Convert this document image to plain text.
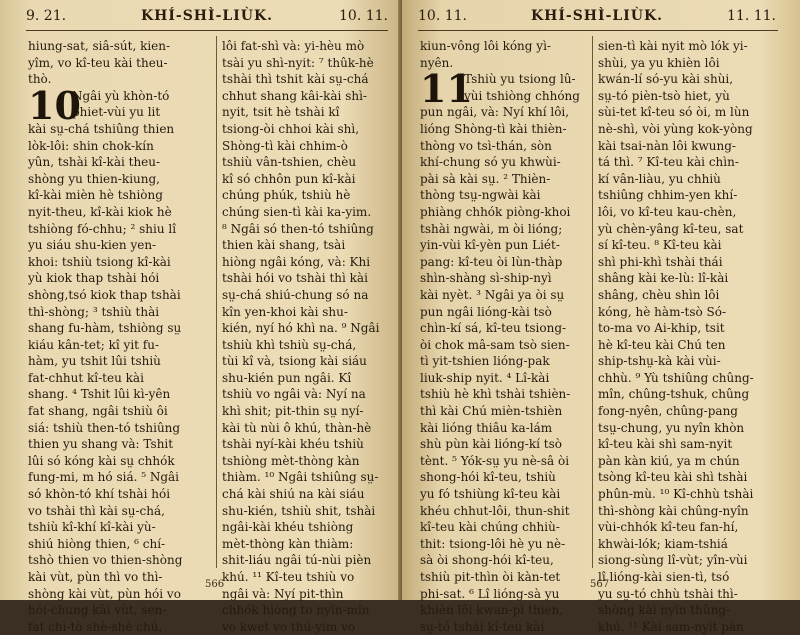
9. 21.	KHÍ-SHÌ-LIÙK.	10. 11.

hiung-sat, siâ-sút, kien-

yîm, vo kî-teu kài theu-

thò.

Ngâi yù khòn-tó

phiet-vùi yu lit

kài sṳ-chá tshiûng thien

lòk-lôi: shin chok-kín

yûn, tshài kî-kài theu-

shòng yu thien-kiung,

kî-kài mièn hè tshiòng

nyit-theu, kî-kài kiok hè

tshiòng fó-chhu; ² shiu lî

yu siáu shu-kien yen-

khoi: tshiù tsiong kî-kài

yù kiok thap tshài hói

shòng,tsó kiok thap tshài

thì-shòng; ³ tshiù thài

shang fu-hàm, tshiòng sṳ

kiáu kân-tet; kî yit fu-

hàm, yu tshit lûi tshiù

fat-chhut kî-teu kài

shang. ⁴ Tshit lûi kì-yên

fat shang, ngâi tshiù ôi

siá: tshiù then-tó tshiûng

thien yu shang và: Tshit

lûi só kóng kài sṳ chhók

fung-mi, m hó siá. ⁵ Ngâi

só khòn-tó khí tshài hói

vo tshài thì kài sṳ-chá,

tshiù kî-khí kî-kài yù-

shiú hiòng thien, ⁶ chí-

tshò thien vo thien-shòng

kài vùt, pùn thì vo thì-

shòng kài vùt, pùn hói vo

hói-chung kài vùt, sen-

fat chì-tò shè-shè chú,

10

lôi fat-shì và: yi-hèu mò

tsài yu shì-nyit: ⁷ thûk-hè

tshài thì tshit kài sṳ-chá

chhut shang kâi-kài shì-

nyit, tsit hè tshài kî

tsiong-òi chhoi kài shì,

Shòng-tì kài chhim-ò

tshiù vân-tshien, chèu

kî só chhôn pun kî-kài

chúng phúk, tshiù hè

chúng sien-tì kài ka-yim.

⁸ Ngâi só then-tó tshiûng

thien kài shang, tsài

hiòng ngâi kóng, và: Khi

tshài hói vo tshài thì kài

sṳ-chá shiú-chung só na

kîn yen-khoi kài shu-

kién, nyí hó khì na. ⁹ Ngâi

tshiù khì tshiù sṳ-chá,

tùi kî và, tsiong kài siáu

shu-kién pun ngâi. Kî

tshiù vo ngâi và: Nyí na

khì shit; pit-thin sṳ nyí-

kài tù nùi ô khú, thàn-hè

tshài nyí-kài khéu tshiù

tshiòng mèt-thòng kàn

thiàm. ¹⁰ Ngâi tshiûng sṳ-

chá kài shiú na kài siáu

shu-kién, tshiù shit, tshài

ngâi-kài khéu tshiòng

mèt-thòng kàn thiàm:

shit-liáu ngâi tú-nùi pièn

khú. ¹¹ Kî-teu tshiù vo

ngâi và: Nyí pit-thìn

chhók hiòng to nyîn-mîn

vo kwet vo thú-yim vo

566
10. 11.	KHÍ-SHÌ-LIÙK.	11. 11.

kiun-vông lôi kóng yì-

nyên.

Tshiù yu tsiong lû-

vùi tshiòng chhóng

pun ngâi, và: Nyí khí lôi,

lióng Shòng-tì kài thièn-

thòng vo tsì-thán, sòn

khí-chung só yu khwùi-

pài sà kài sṳ. ² Thièn-

thòng tsṳ-ngwài kài

phiàng chhók piòng-khoi

tshài ngwài, m òi lióng;

yin-vùi kî-yèn pun Liét-

pang: kî-teu òi lùn-thàp

shìn-shàng sì-ship-nyì

kài nyèt. ³ Ngâi ya òi sṳ

pun ngâi lióng-kài tsò

chìn-kí sá, kî-teu tsiong-

òi chok mâ-sam tsò sien-

tì yit-tshien lióng-pak

liuk-ship nyit. ⁴ Lî-kài

tshiù hè khì tshài tshièn-

thì kài Chú mièn-tshièn

kài lióng thiâu ka-lám

shù pùn kài lióng-kí tsò

tènt. ⁵ Yók-sṳ yu nè-sâ òi

shong-hói kî-teu, tshiù

yu fó tshiùng kî-teu kài

khéu chhut-lôi, thun-shit

kî-teu kài chúng chhiù-

thit: tsiong-lôi hè yu nè-

sà òi shong-hói kî-teu,

tshiù pit-thìn òi kàn-tet

phi-sat. ⁶ Lî lióng-sà yu

khièn lôi kwan-pì thien,

sṳ-tó tshài kî-teu kài

11

sien-tì kài nyit mò lók yi-

shùi, ya yu khièn lôi

kwán-lí só-yu kài shùi,

sṳ-tó pièn-tsò hiet, yù

sùi-tet kî-teu só òi, m lùn

nè-shì, vòi yùng kok-yòng

kài tsai-nàn lôi kwung-

tá thì. ⁷ Kî-teu kài chìn-

kí vân-liàu, yu chhiù

tshiûng chhim-yen khí-

lôi, vo kî-teu kau-chèn,

yù chèn-yâng kî-teu, sat

sí kî-teu. ⁸ Kî-teu kài

shì phi-khì tshài thái

shâng kài ke-lù: lî-kài

shâng, chèu shìn lôi

kóng, hè hàm-tsò Só-

to-ma vo Ai-khip, tsit

hè kî-teu kài Chú ten

ship-tshṳ-kà kài vùi-

chhù. ⁹ Yù tshiûng chûng-

mîn, chûng-tshuk, chûng

fong-nyên, chûng-pang

tsṳ-chung, yu nyîn khòn

kî-teu kài shì sam-nyit

pàn kàn kiú, ya m chún

tsòng kî-teu kài shì tshài

phûn-mù. ¹⁰ Kî-chhù tshài

thì-shòng kài chûng-nyîn

vùi-chhók kî-teu fan-hí,

khwài-lók; kiam-tshiá

siong-sùng lî-vùt; yîn-vùi

lî lióng-kài sien-tì, tsó

yu sṳ-tó chhù tshài thì-

shòng kài nyîn thûng-

khú. ¹¹ Kài sam-nyit pàn

567
